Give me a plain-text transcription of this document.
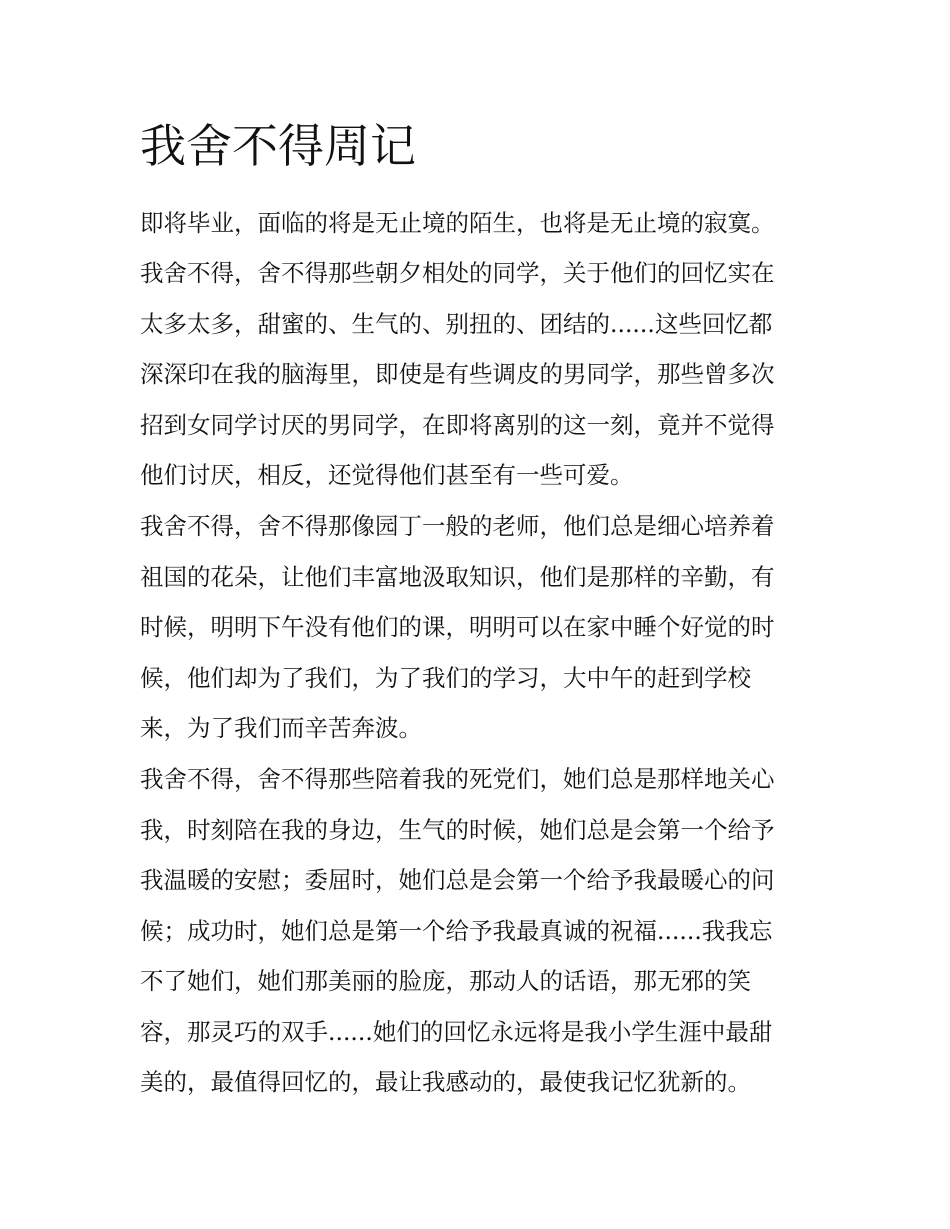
我舍不得周记

即将毕业，面临的将是无止境的陌生，也将是无止境的寂寞。

我舍不得，舍不得那些朝夕相处的同学，关于他们的回忆实在

太多太多，甜蜜的、生气的、别扭的、团结的......这些回忆都

深深印在我的脑海里，即使是有些调皮的男同学，那些曾多次

招到女同学讨厌的男同学，在即将离别的这一刻，竟并不觉得

他们讨厌，相反，还觉得他们甚至有一些可爱。

我舍不得，舍不得那像园丁一般的老师，他们总是细心培养着

祖国的花朵，让他们丰富地汲取知识，他们是那样的辛勤，有

时候，明明下午没有他们的课，明明可以在家中睡个好觉的时

候，他们却为了我们，为了我们的学习，大中午的赶到学校

来，为了我们而辛苦奔波。

我舍不得，舍不得那些陪着我的死党们，她们总是那样地关心

我，时刻陪在我的身边，生气的时候，她们总是会第一个给予

我温暖的安慰；委屈时，她们总是会第一个给予我最暖心的问

候；成功时，她们总是第一个给予我最真诚的祝福......我我忘

不了她们，她们那美丽的脸庞，那动人的话语，那无邪的笑

容，那灵巧的双手......她们的回忆永远将是我小学生涯中最甜

美的，最值得回忆的，最让我感动的，最使我记忆犹新的。
